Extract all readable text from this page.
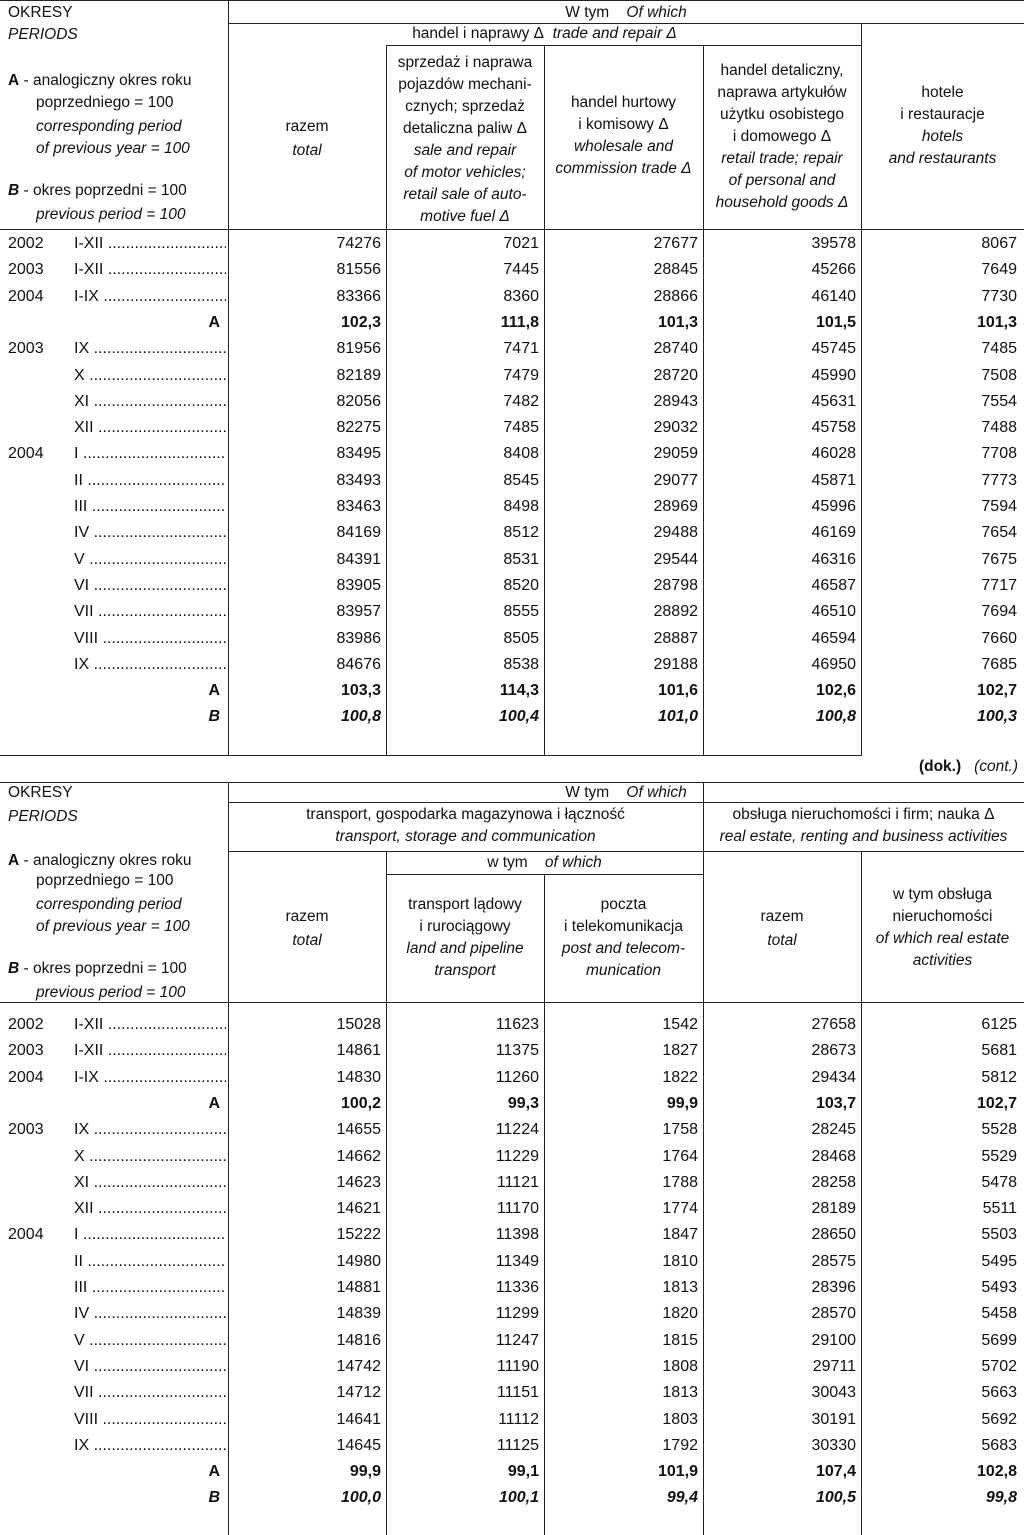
OKRESY
PERIODS
A - analogiczny okres roku
poprzedniego = 100
corresponding period
of previous year = 100
B - okres poprzedni = 100
previous period = 100
W tym Of which
handel i naprawy Δ trade and repair Δ
razem
total
sprzedaż i naprawa
pojazdów mechani-
cznych; sprzedaż
detaliczna paliw Δ
sale and repair
of motor vehicles;
retail sale of auto-
motive fuel Δ
handel hurtowy
i komisowy Δ
wholesale and
commission trade Δ
handel detaliczny,
naprawa artykułów
użytku osobistego
i domowego Δ
retail trade; repair
of personal and
household goods Δ
hotele
i restauracje
hotels
and restaurants
2002 I-XII .....	74276	7021	27677	39578	8067
2003 I-XII .....	81556	7445	28845	45266	7649
2004 I-IX .....	83366	8360	28866	46140	7730
A	102,3	111,8	101,3	101,5	101,3
2003 IX .....	81956	7471	28740	45745	7485
X .....	82189	7479	28720	45990	7508
XI .....	82056	7482	28943	45631	7554
XII .....	82275	7485	29032	45758	7488
2004 I .....	83495	8408	29059	46028	7708
II .....	83493	8545	29077	45871	7773
III .....	83463	8498	28969	45996	7594
IV .....	84169	8512	29488	46169	7654
V .....	84391	8531	29544	46316	7675
VI .....	83905	8520	28798	46587	7717
VII .....	83957	8555	28892	46510	7694
VIII .....	83986	8505	28887	46594	7660
IX .....	84676	8538	29188	46950	7685
A	103,3	114,3	101,6	102,6	102,7
B	100,8	100,4	101,0	100,8	100,3
(dok.) (cont.)
OKRESY
PERIODS
A - analogiczny okres roku
poprzedniego = 100
corresponding period
of previous year = 100
B - okres poprzedni = 100
previous period = 100
W tym Of which
transport, gospodarka magazynowa i łączność
transport, storage and communication
obsługa nieruchomości i firm; nauka Δ
real estate, renting and business activities
w tym of which
razem
total
transport lądowy
i rurociągowy
land and pipeline
transport
poczta
i telekomunikacja
post and telecom-
munication
razem
total
w tym obsługa
nieruchomości
of which real estate
activities
2002 I-XII .....	15028	11623	1542	27658	6125
2003 I-XII .....	14861	11375	1827	28673	5681
2004 I-IX .....	14830	11260	1822	29434	5812
A	100,2	99,3	99,9	103,7	102,7
2003 IX .....	14655	11224	1758	28245	5528
X .....	14662	11229	1764	28468	5529
XI .....	14623	11121	1788	28258	5478
XII .....	14621	11170	1774	28189	5511
2004 I .....	15222	11398	1847	28650	5503
II .....	14980	11349	1810	28575	5495
III .....	14881	11336	1813	28396	5493
IV .....	14839	11299	1820	28570	5458
V .....	14816	11247	1815	29100	5699
VI .....	14742	11190	1808	29711	5702
VII .....	14712	11151	1813	30043	5663
VIII .....	14641	11112	1803	30191	5692
IX .....	14645	11125	1792	30330	5683
A	99,9	99,1	101,9	107,4	102,8
B	100,0	100,1	99,4	100,5	99,8
